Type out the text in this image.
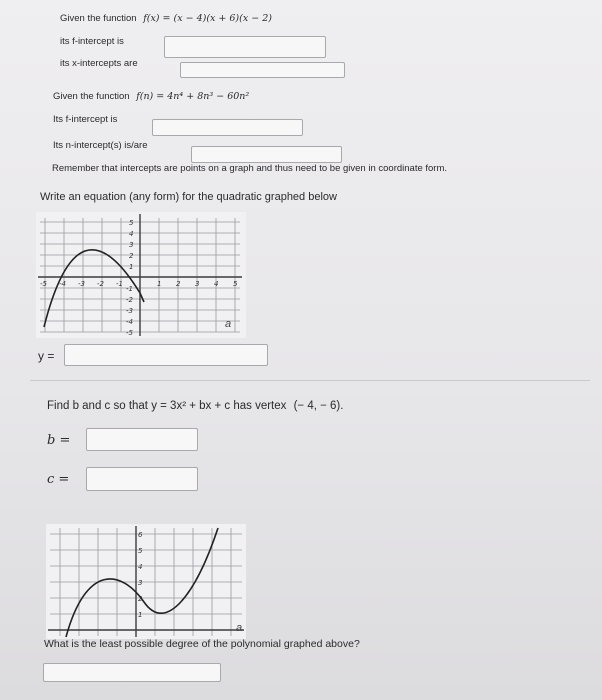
Given the function f(x) = (x − 4)(x + 6)(x − 2)
its f-intercept is
its x-intercepts are
Given the function f(n) = 4n⁴ + 8n³ − 60n²
Its f-intercept is
Its n-intercept(s) is/are
Remember that intercepts are points on a graph and thus need to be given in coordinate form.
Write an equation (any form) for the quadratic graphed below
-5 -4 -3 -2 -1	1 2 3 4 5
5
4
3
2
1
-1
-2
-3
-4
-5
a
y =
Find b and c so that y = 3x² + bx + c has vertex (− 4, − 6).
b =
c =
6
5
4
3
2
1
a
What is the least possible degree of the polynomial graphed above?
